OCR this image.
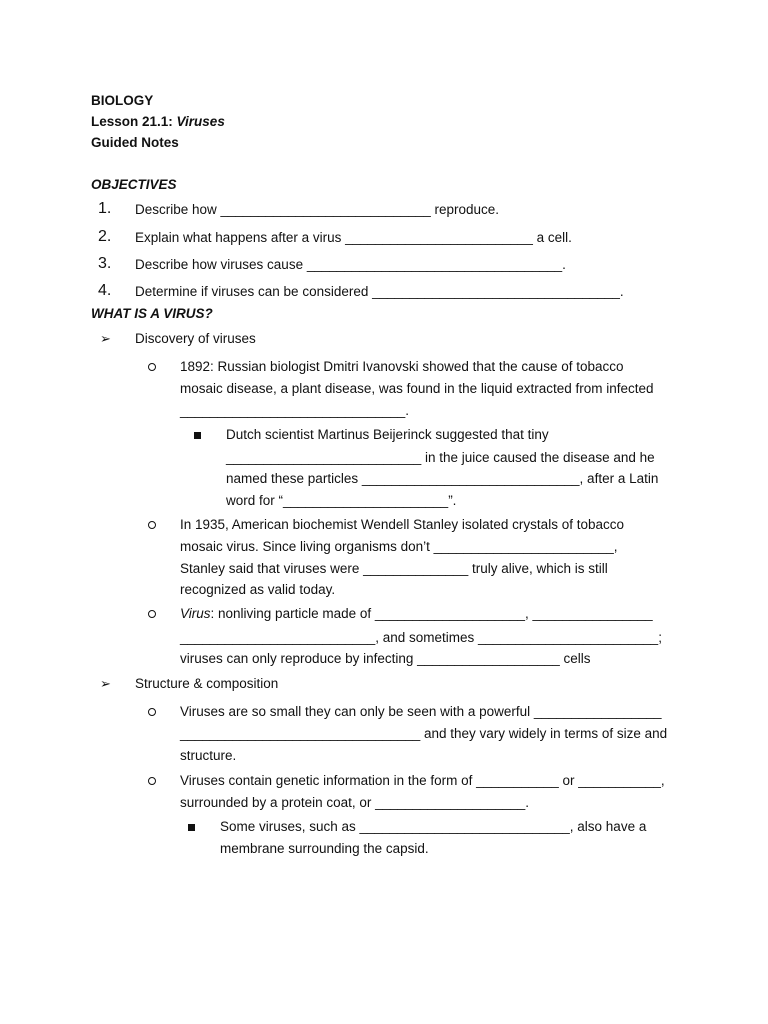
BIOLOGY
Lesson 21.1: Viruses
Guided Notes
OBJECTIVES
1. Describe how ____________________________ reproduce.
2. Explain what happens after a virus _________________________ a cell.
3. Describe how viruses cause __________________________________.
4. Determine if viruses can be considered _________________________________.
WHAT IS A VIRUS?
➢ Discovery of viruses
1892: Russian biologist Dmitri Ivanovski showed that the cause of tobacco
mosaic disease, a plant disease, was found in the liquid extracted from infected
______________________________.
Dutch scientist Martinus Beijerinck suggested that tiny
__________________________ in the juice caused the disease and he
named these particles _____________________________, after a Latin
word for “______________________”.
In 1935, American biochemist Wendell Stanley isolated crystals of tobacco
mosaic virus. Since living organisms don’t ________________________,
Stanley said that viruses were ______________ truly alive, which is still
recognized as valid today.
Virus: nonliving particle made of ____________________, ________________
__________________________, and sometimes ________________________;
viruses can only reproduce by infecting ___________________ cells
➢ Structure & composition
Viruses are so small they can only be seen with a powerful _________________
________________________________ and they vary widely in terms of size and
structure.
Viruses contain genetic information in the form of ___________ or ___________,
surrounded by a protein coat, or ____________________.
Some viruses, such as ____________________________, also have a
membrane surrounding the capsid.
